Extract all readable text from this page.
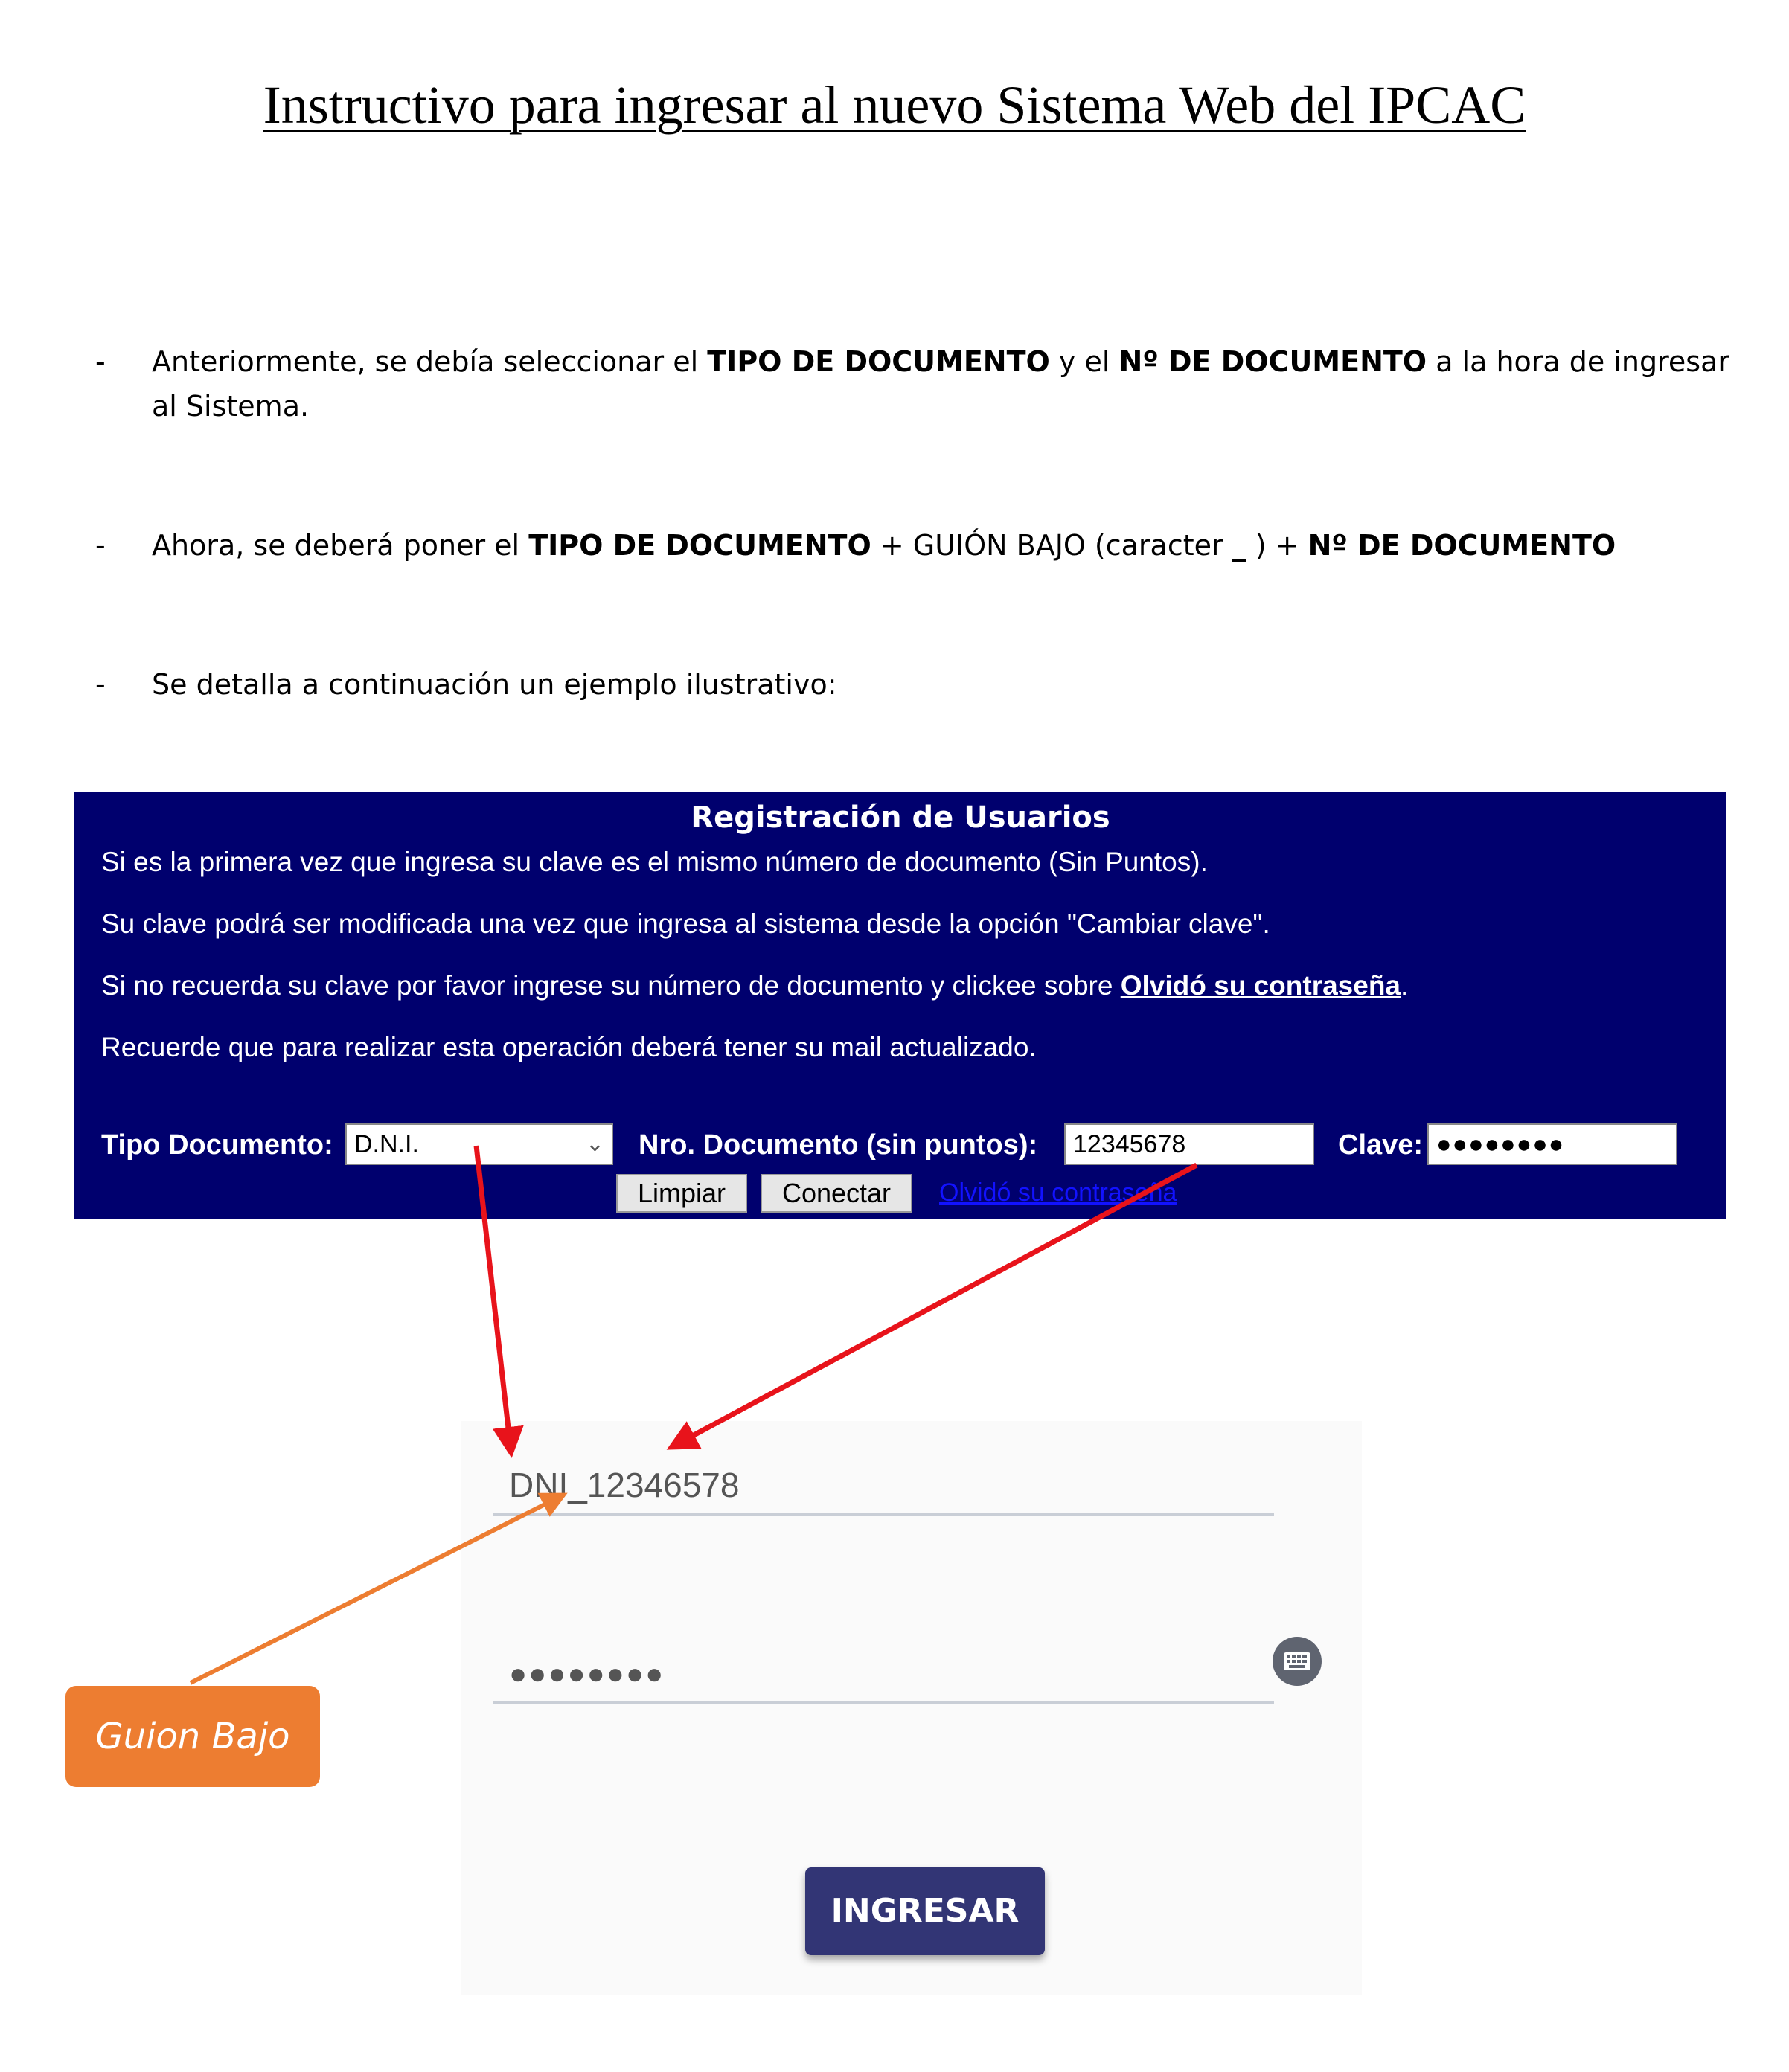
Instructivo para ingresar al nuevo Sistema Web del IPCAC
- Anteriormente, se debía seleccionar el TIPO DE DOCUMENTO y el Nº DE DOCUMENTO a la hora de ingresar al Sistema.
- Ahora, se deberá poner el TIPO DE DOCUMENTO + GUIÓN BAJO (caracter _ ) + Nº DE DOCUMENTO
- Se detalla a continuación un ejemplo ilustrativo:
Registración de Usuarios
Si es la primera vez que ingresa su clave es el mismo número de documento (Sin Puntos).
Su clave podrá ser modificada una vez que ingresa al sistema desde la opción "Cambiar clave".
Si no recuerda su clave por favor ingrese su número de documento y clickee sobre Olvidó su contraseña.
Recuerde que para realizar esta operación deberá tener su mail actualizado.
Tipo Documento: D.N.I.	⌄ Nro. Documento (sin puntos):	12345678	Clave: ●●●●●●●●
Limpiar	Conectar	Olvidó su contraseña
DNI_12346578
●●●●●●●●
INGRESAR
Guion Bajo
